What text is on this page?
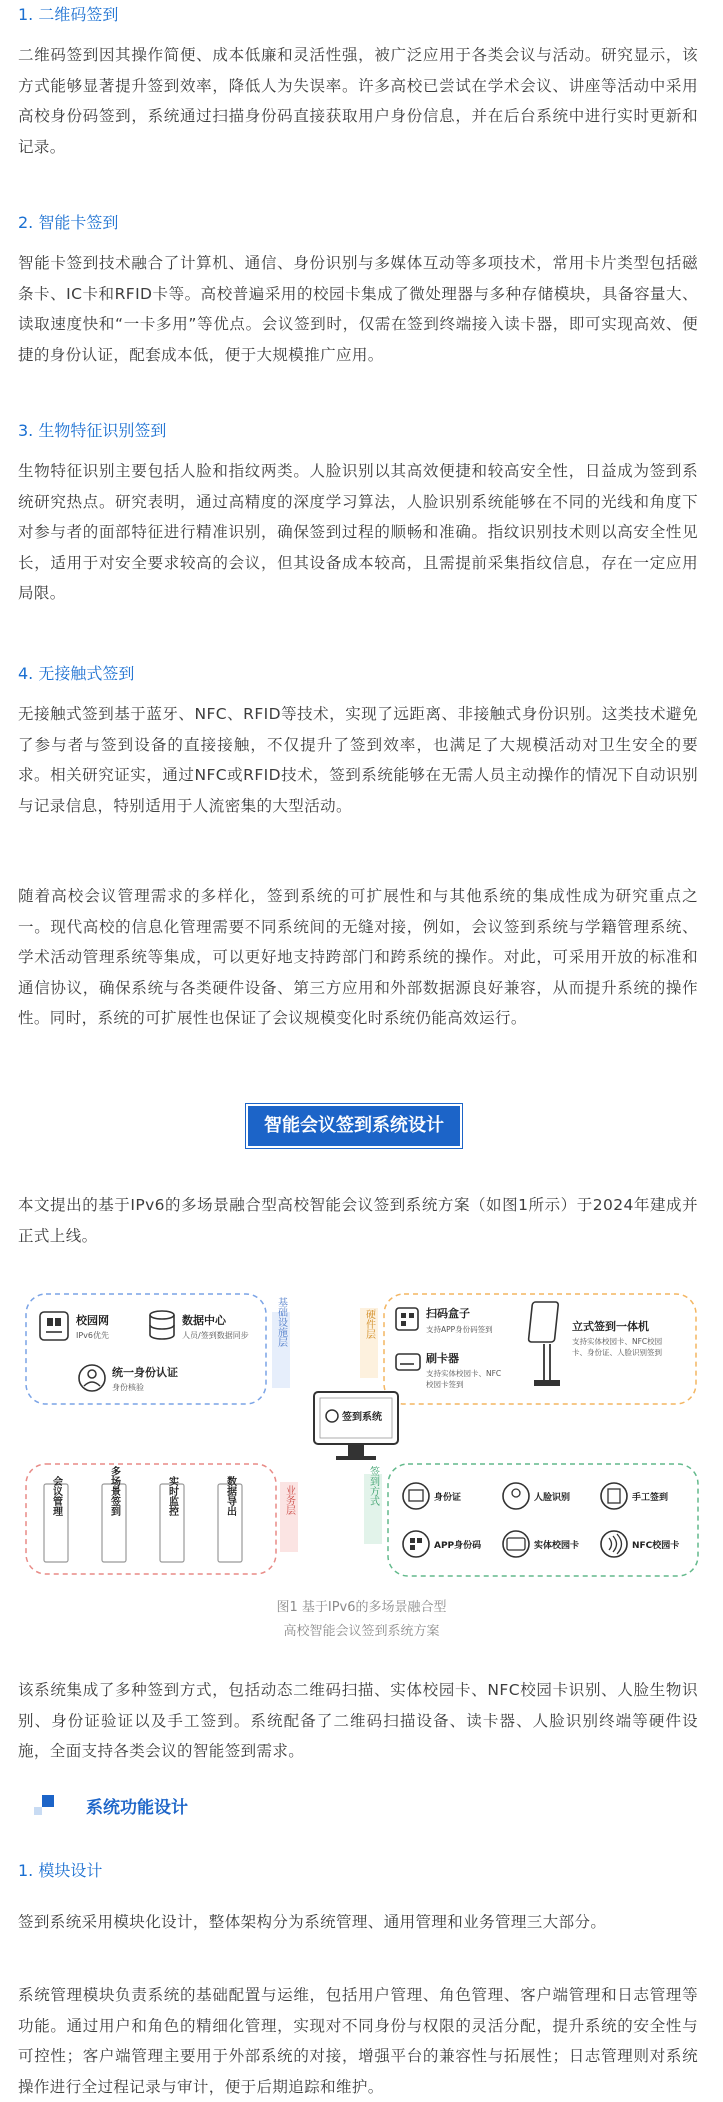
1. 二维码签到

二维码签到因其操作简便、成本低廉和灵活性强，被广泛应用于各类会议与活动。研究显示，该方式能够显著提升签到效率，降低人为失误率。许多高校已尝试在学术会议、讲座等活动中采用高校身份码签到，系统通过扫描身份码直接获取用户身份信息，并在后台系统中进行实时更新和记录。

2. 智能卡签到

智能卡签到技术融合了计算机、通信、身份识别与多媒体互动等多项技术，常用卡片类型包括磁条卡、IC卡和RFID卡等。高校普遍采用的校园卡集成了微处理器与多种存储模块，具备容量大、读取速度快和“一卡多用”等优点。会议签到时，仅需在签到终端接入读卡器，即可实现高效、便捷的身份认证，配套成本低，便于大规模推广应用。

3. 生物特征识别签到

生物特征识别主要包括人脸和指纹两类。人脸识别以其高效便捷和较高安全性，日益成为签到系统研究热点。研究表明，通过高精度的深度学习算法，人脸识别系统能够在不同的光线和角度下对参与者的面部特征进行精准识别，确保签到过程的顺畅和准确。指纹识别技术则以高安全性见长，适用于对安全要求较高的会议，但其设备成本较高，且需提前采集指纹信息，存在一定应用局限。

4. 无接触式签到

无接触式签到基于蓝牙、NFC、RFID等技术，实现了远距离、非接触式身份识别。这类技术避免了参与者与签到设备的直接接触，不仅提升了签到效率，也满足了大规模活动对卫生安全的要求。相关研究证实，通过NFC或RFID技术，签到系统能够在无需人员主动操作的情况下自动识别与记录信息，特别适用于人流密集的大型活动。

随着高校会议管理需求的多样化，签到系统的可扩展性和与其他系统的集成性成为研究重点之一。现代高校的信息化管理需要不同系统间的无缝对接，例如，会议签到系统与学籍管理系统、学术活动管理系统等集成，可以更好地支持跨部门和跨系统的操作。对此，可采用开放的标准和通信协议，确保系统与各类硬件设备、第三方应用和外部数据源良好兼容，从而提升系统的操作性。同时，系统的可扩展性也保证了会议规模变化时系统仍能高效运行。

智能会议签到系统设计

本文提出的基于IPv6的多场景融合型高校智能会议签到系统方案（如图1所示）于2024年建成并正式上线。

基础设施层
校园网
IPv6优先
数据中心
人员/签到数据同步
统一身份认证
身份核验
硬件层	扫码盒子
支持APP身份码签到
刷卡器
支持实体校园卡、NFC
校园卡签到
立式签到一体机
支持实体校园卡、NFC校园
卡、身份证、人脸识别签到
签到系统
业务层
会议管理	多场景签到	实时监控	数据导出	签到方式	身份证	人脸识别	手工签到
APP身份码	实体校园卡	NFC校园卡
图1 基于IPv6的多场景融合型
高校智能会议签到系统方案

该系统集成了多种签到方式，包括动态二维码扫描、实体校园卡、NFC校园卡识别、人脸生物识别、身份证验证以及手工签到。系统配备了二维码扫描设备、读卡器、人脸识别终端等硬件设施，全面支持各类会议的智能签到需求。

系统功能设计
1. 模块设计

签到系统采用模块化设计，整体架构分为系统管理、通用管理和业务管理三大部分。

系统管理模块负责系统的基础配置与运维，包括用户管理、角色管理、客户端管理和日志管理等功能。通过用户和角色的精细化管理，实现对不同身份与权限的灵活分配，提升系统的安全性与可控性；客户端管理主要用于外部系统的对接，增强平台的兼容性与拓展性；日志管理则对系统操作进行全过程记录与审计，便于后期追踪和维护。
